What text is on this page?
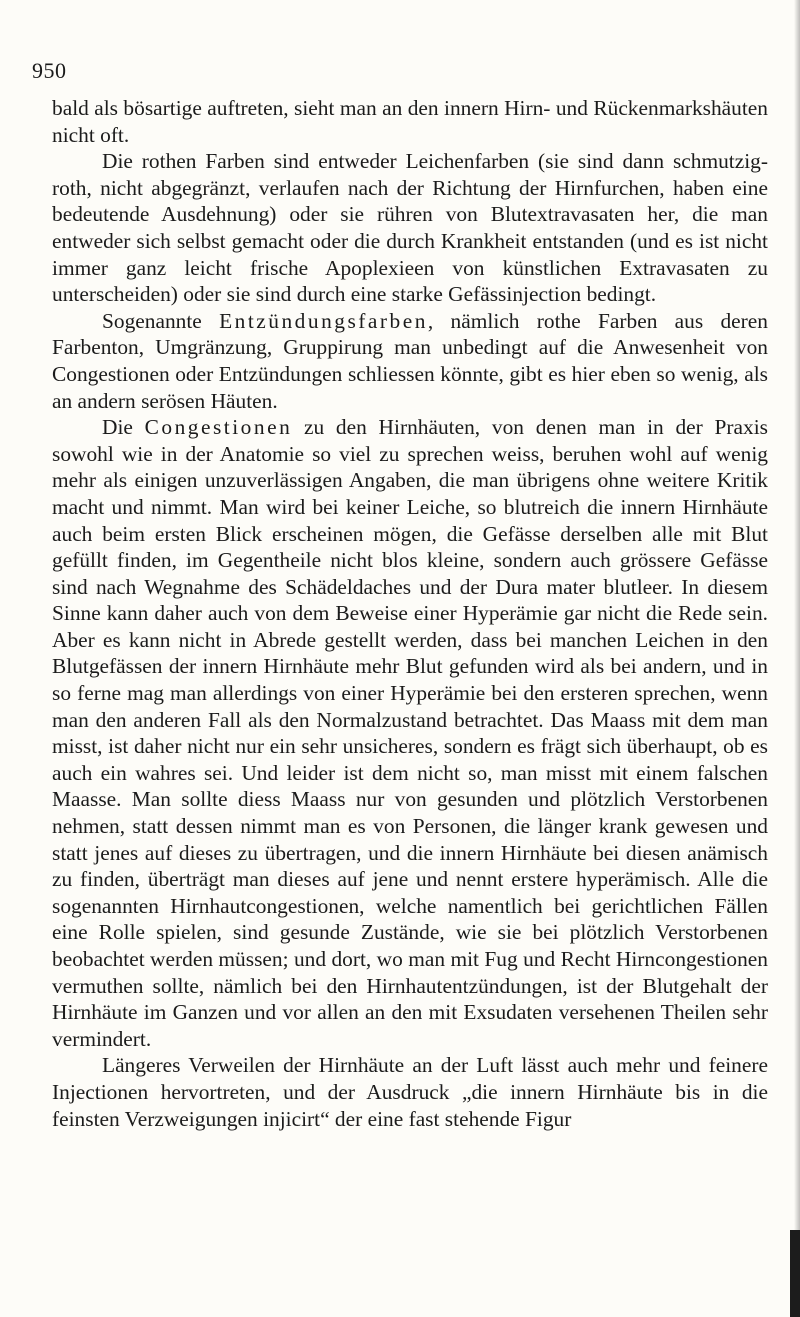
950

bald als bösartige auftreten, sieht man an den innern Hirn- und Rückenmarkshäuten nicht oft.

Die rothen Farben sind entweder Leichenfarben (sie sind dann schmutzig-roth, nicht abgegränzt, verlaufen nach der Richtung der Hirnfurchen, haben eine bedeutende Ausdehnung) oder sie rühren von Blutextravasaten her, die man entweder sich selbst gemacht oder die durch Krankheit entstanden (und es ist nicht immer ganz leicht frische Apoplexieen von künstlichen Extravasaten zu unterscheiden) oder sie sind durch eine starke Gefässinjection bedingt.

Sogenannte Entzündungsfarben, nämlich rothe Farben aus deren Farbenton, Umgränzung, Gruppirung man unbedingt auf die Anwesenheit von Congestionen oder Entzündungen schliessen könnte, gibt es hier eben so wenig, als an andern serösen Häuten.

Die Congestionen zu den Hirnhäuten, von denen man in der Praxis sowohl wie in der Anatomie so viel zu sprechen weiss, beruhen wohl auf wenig mehr als einigen unzuverlässigen Angaben, die man übrigens ohne weitere Kritik macht und nimmt. Man wird bei keiner Leiche, so blutreich die innern Hirnhäute auch beim ersten Blick erscheinen mögen, die Gefässe derselben alle mit Blut gefüllt finden, im Gegentheile nicht blos kleine, sondern auch grössere Gefässe sind nach Wegnahme des Schädeldaches und der Dura mater blutleer. In diesem Sinne kann daher auch von dem Beweise einer Hyperämie gar nicht die Rede sein. Aber es kann nicht in Abrede gestellt werden, dass bei manchen Leichen in den Blutgefässen der innern Hirnhäute mehr Blut gefunden wird als bei andern, und in so ferne mag man allerdings von einer Hyperämie bei den ersteren sprechen, wenn man den anderen Fall als den Normalzustand betrachtet. Das Maass mit dem man misst, ist daher nicht nur ein sehr unsicheres, sondern es frägt sich überhaupt, ob es auch ein wahres sei. Und leider ist dem nicht so, man misst mit einem falschen Maasse. Man sollte diess Maass nur von gesunden und plötzlich Verstorbenen nehmen, statt dessen nimmt man es von Personen, die länger krank gewesen und statt jenes auf dieses zu übertragen, und die innern Hirnhäute bei diesen anämisch zu finden, überträgt man dieses auf jene und nennt erstere hyperämisch. Alle die sogenannten Hirnhautcongestionen, welche namentlich bei gerichtlichen Fällen eine Rolle spielen, sind gesunde Zustände, wie sie bei plötzlich Verstorbenen beobachtet werden müssen; und dort, wo man mit Fug und Recht Hirncongestionen vermuthen sollte, nämlich bei den Hirnhautentzündungen, ist der Blutgehalt der Hirnhäute im Ganzen und vor allen an den mit Exsudaten versehenen Theilen sehr vermindert.

Längeres Verweilen der Hirnhäute an der Luft lässt auch mehr und feinere Injectionen hervortreten, und der Ausdruck „die innern Hirnhäute bis in die feinsten Verzweigungen injicirt“ der eine fast stehende Figur
